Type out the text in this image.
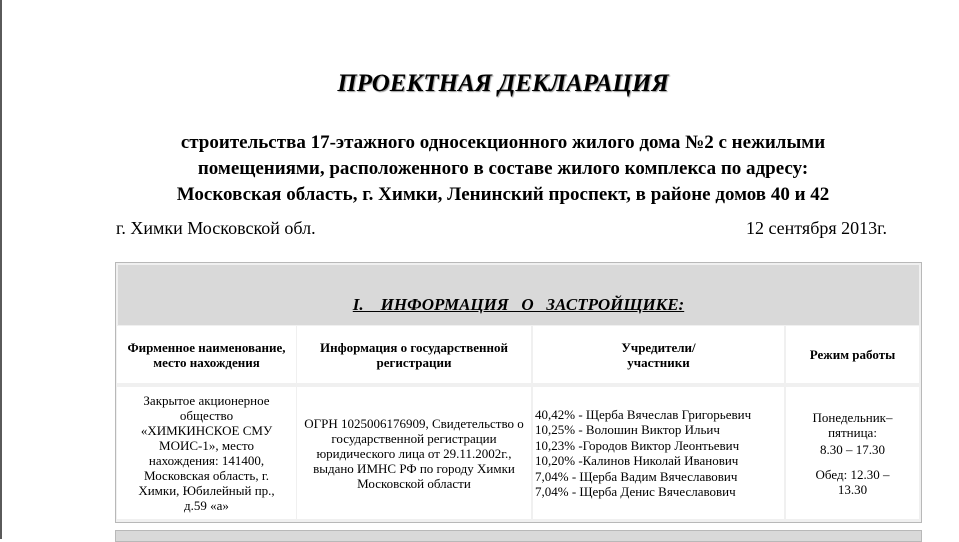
ПРОЕКТНАЯ ДЕКЛАРАЦИЯ
строительства 17-этажного односекционного жилого дома №2 с нежилыми
помещениями, расположенного в составе жилого комплекса по адресу:
Московская область, г. Химки, Ленинский проспект, в районе домов 40 и 42
г. Химки Московской обл.	12 сентября 2013г.
I.    ИНФОРМАЦИЯ   О   ЗАСТРОЙЩИКЕ:
Фирменное наименование, место нахождения
Информация о государственной регистрации
Учредители/ участники	Режим работы
Закрытое акционерное общество «ХИМКИНСКОЕ СМУ МОИС-1», место нахождения: 141400, Московская область, г. Химки, Юбилейный пр., д.59 «а»
ОГРН 1025006176909, Свидетельство о государственной регистрации юридического лица от 29.11.2002г., выдано ИМНС РФ по городу Химки Московской области
40,42% - Щерба Вячеслав Григорьевич
10,25% - Волошин Виктор Ильич
10,23% -Городов Виктор Леонтьевич
10,20% -Калинов Николай Иванович
7,04% - Щерба Вадим Вячеславович
7,04% - Щерба Денис Вячеславович
Понедельник–пятница:
8.30 – 17.30
Обед: 12.30 – 13.30
